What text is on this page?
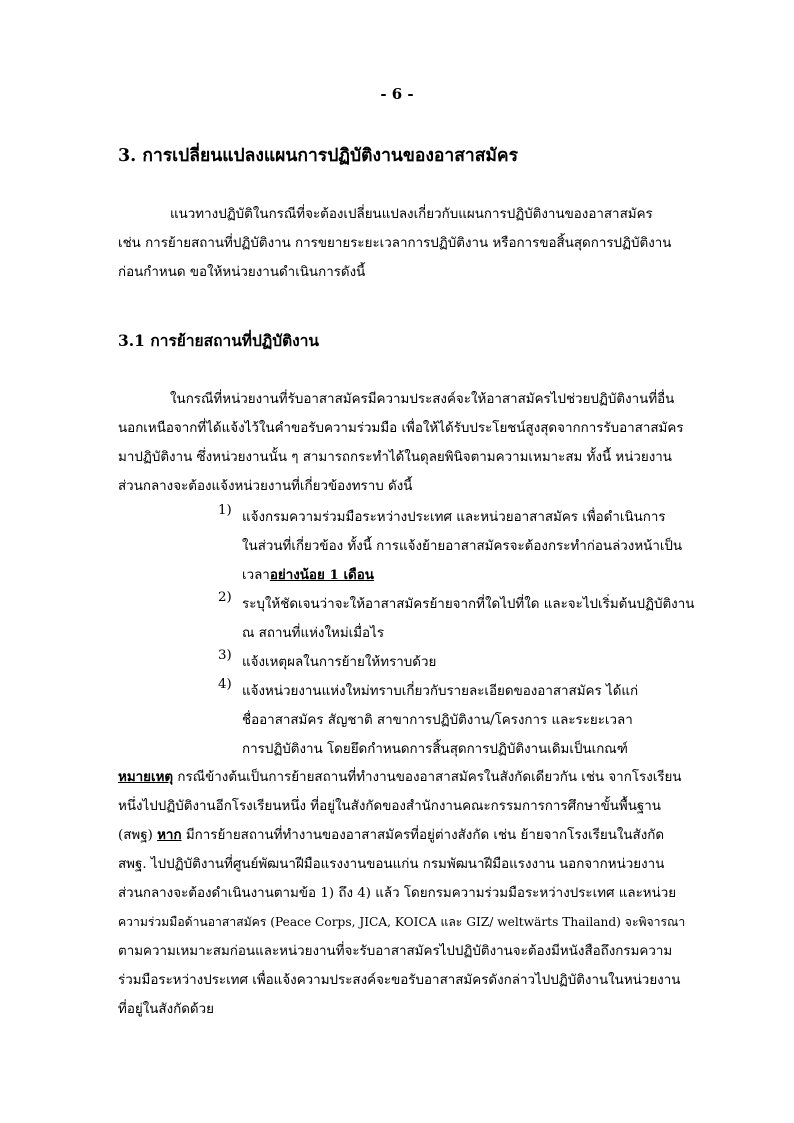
- 6 -
3. การเปลี่ยนแปลงแผนการปฏิบัติงานของอาสาสมัคร
แนวทางปฏิบัติในกรณีที่จะต้องเปลี่ยนแปลงเกี่ยวกับแผนการปฏิบัติงานของอาสาสมัคร
เช่น การย้ายสถานที่ปฏิบัติงาน การขยายระยะเวลาการปฏิบัติงาน หรือการขอสิ้นสุดการปฏิบัติงาน
ก่อนกำหนด ขอให้หน่วยงานดำเนินการดังนี้
3.1 การย้ายสถานที่ปฏิบัติงาน
ในกรณีที่หน่วยงานที่รับอาสาสมัครมีความประสงค์จะให้อาสาสมัครไปช่วยปฏิบัติงานที่อื่น
นอกเหนือจากที่ได้แจ้งไว้ในคำขอรับความร่วมมือ เพื่อให้ได้รับประโยชน์สูงสุดจากการรับอาสาสมัคร
มาปฏิบัติงาน ซึ่งหน่วยงานนั้น ๆ สามารถกระทำได้ในดุลยพินิจตามความเหมาะสม ทั้งนี้ หน่วยงาน
ส่วนกลางจะต้องแจ้งหน่วยงานที่เกี่ยวข้องทราบ ดังนี้
1) แจ้งกรมความร่วมมือระหว่างประเทศ และหน่วยอาสาสมัคร เพื่อดำเนินการ
ในส่วนที่เกี่ยวข้อง ทั้งนี้ การแจ้งย้ายอาสาสมัครจะต้องกระทำก่อนล่วงหน้าเป็น
เวลาอย่างน้อย 1 เดือน
2) ระบุให้ชัดเจนว่าจะให้อาสาสมัครย้ายจากที่ใดไปที่ใด และจะไปเริ่มต้นปฏิบัติงาน
ณ สถานที่แห่งใหม่เมื่อไร
3) แจ้งเหตุผลในการย้ายให้ทราบด้วย
4) แจ้งหน่วยงานแห่งใหม่ทราบเกี่ยวกับรายละเอียดของอาสาสมัคร ได้แก่
ชื่ออาสาสมัคร สัญชาติ สาขาการปฏิบัติงาน/โครงการ และระยะเวลา
การปฏิบัติงาน โดยยึดกำหนดการสิ้นสุดการปฏิบัติงานเดิมเป็นเกณฑ์
หมายเหตุ กรณีข้างต้นเป็นการย้ายสถานที่ทำงานของอาสาสมัครในสังกัดเดียวกัน เช่น จากโรงเรียน
หนึ่งไปปฏิบัติงานอีกโรงเรียนหนึ่ง ที่อยู่ในสังกัดของสำนักงานคณะกรรมการการศึกษาขั้นพื้นฐาน
(สพฐ) หาก มีการย้ายสถานที่ทำงานของอาสาสมัครที่อยู่ต่างสังกัด เช่น ย้ายจากโรงเรียนในสังกัด
สพฐ. ไปปฏิบัติงานที่ศูนย์พัฒนาฝีมือแรงงานขอนแก่น กรมพัฒนาฝีมือแรงงาน นอกจากหน่วยงาน
ส่วนกลางจะต้องดำเนินงานตามข้อ 1) ถึง 4) แล้ว โดยกรมความร่วมมือระหว่างประเทศ และหน่วย
ความร่วมมือด้านอาสาสมัคร (Peace Corps, JICA, KOICA และ GIZ/ weltwärts Thailand) จะพิจารณา
ตามความเหมาะสมก่อนและหน่วยงานที่จะรับอาสาสมัครไปปฏิบัติงานจะต้องมีหนังสือถึงกรมความ
ร่วมมือระหว่างประเทศ เพื่อแจ้งความประสงค์จะขอรับอาสาสมัครดังกล่าวไปปฏิบัติงานในหน่วยงาน
ที่อยู่ในสังกัดด้วย
